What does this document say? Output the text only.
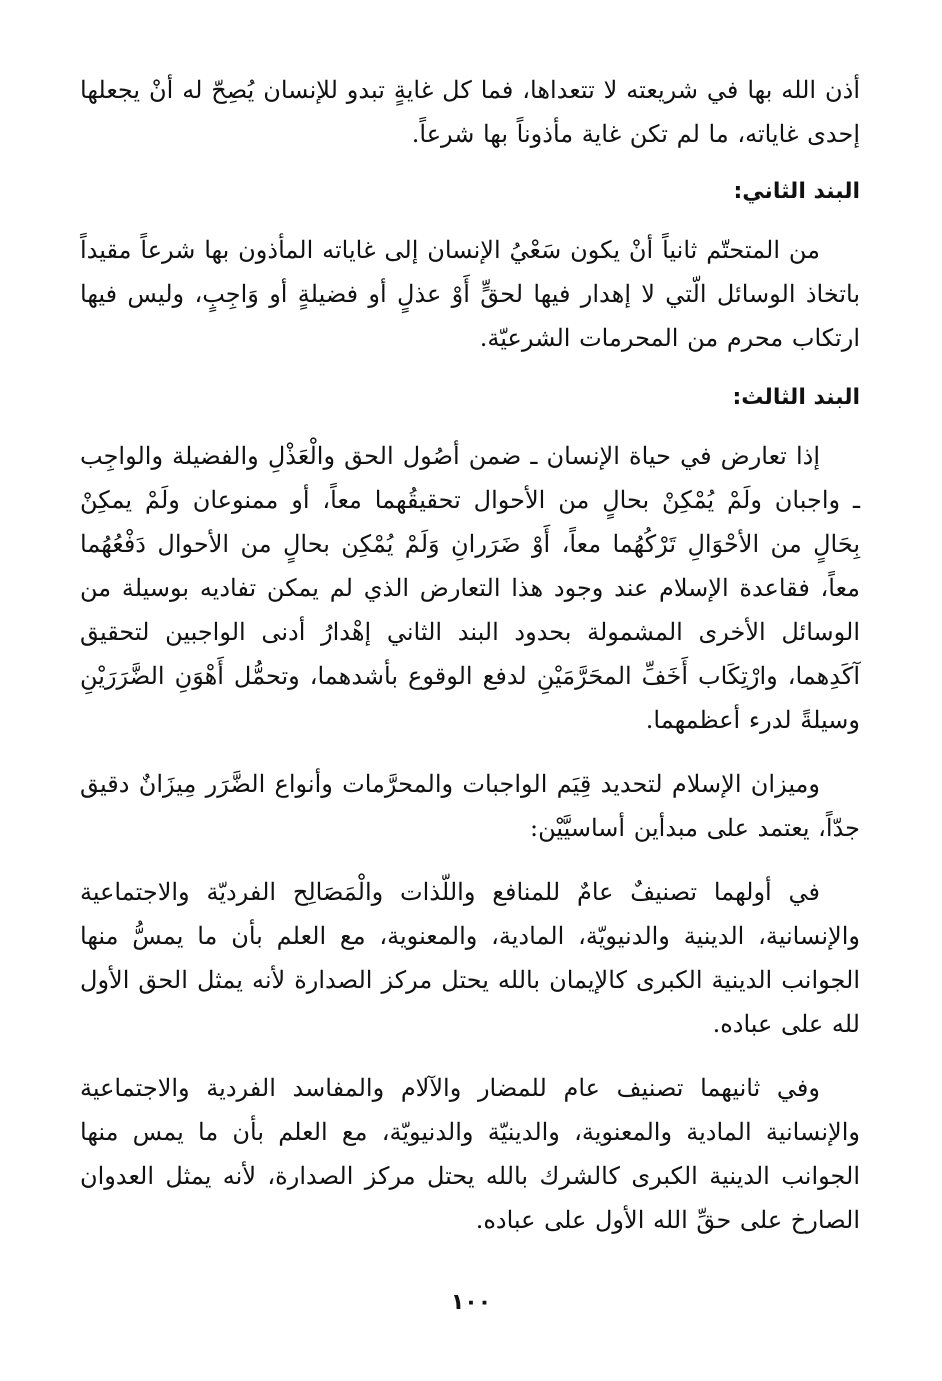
أذن الله بها في شريعته لا تتعداها، فما كل غايةٍ تبدو للإنسان يُصِحّ له أنْ يجعلها إحدى غاياته، ما لم تكن غاية مأذوناً بها شرعاً.

البند الثاني:

من المتحتّم ثانياً أنْ يكون سَعْيُ الإنسان إلى غاياته المأذون بها شرعاً مقيداً باتخاذ الوسائل الّتي لا إهدار فيها لحقٍّ أَوْ عذلٍ أو فضيلةٍ أو وَاجِبٍ، وليس فيها ارتكاب محرم من المحرمات الشرعيّة.

البند الثالث:

إذا تعارض في حياة الإنسان ـ ضمن أصُول الحق والْعَذْلِ والفضيلة والواجِب ـ واجبان ولَمْ يُمْكِنْ بحالٍ من الأحوال تحقيقُهما معاً، أو ممنوعان ولَمْ يمكِنْ بِحَالٍ من الأحْوَالِ تَرْكُهُما معاً، أَوْ ضَرَرانِ وَلَمْ يُمْكِن بحالٍ من الأحوال دَفْعُهُما معاً، فقاعدة الإسلام عند وجود هذا التعارض الذي لم يمكن تفاديه بوسيلة من الوسائل الأخرى المشمولة بحدود البند الثاني إهْدارُ أدنى الواجبين لتحقيق آكَدِهما، وارْتِكَاب أَخَفِّ المحَرَّمَيْنِ لدفع الوقوع بأشدهما، وتحمُّل أَهْوَنِ الضَّرَرَيْنِ وسيلةً لدرء أعظمهما.

وميزان الإسلام لتحديد قِيَم الواجبات والمحرَّمات وأنواع الضَّرَر مِيزَانٌ دقيق جدّاً، يعتمد على مبدأين أساسيَّيْن:

في أولهما تصنيفٌ عامٌ للمنافع واللّذات والْمَصَالِح الفرديّة والاجتماعية والإنسانية، الدينية والدنيويّة، المادية، والمعنوية، مع العلم بأن ما يمسُّ منها الجوانب الدينية الكبرى كالإيمان بالله يحتل مركز الصدارة لأنه يمثل الحق الأول لله على عباده.

وفي ثانيهما تصنيف عام للمضار والآلام والمفاسد الفردية والاجتماعية والإنسانية المادية والمعنوية، والدينيّة والدنيويّة، مع العلم بأن ما يمس منها الجوانب الدينية الكبرى كالشرك بالله يحتل مركز الصدارة، لأنه يمثل العدوان الصارخ على حقِّ الله الأول على عباده.

١٠٠
